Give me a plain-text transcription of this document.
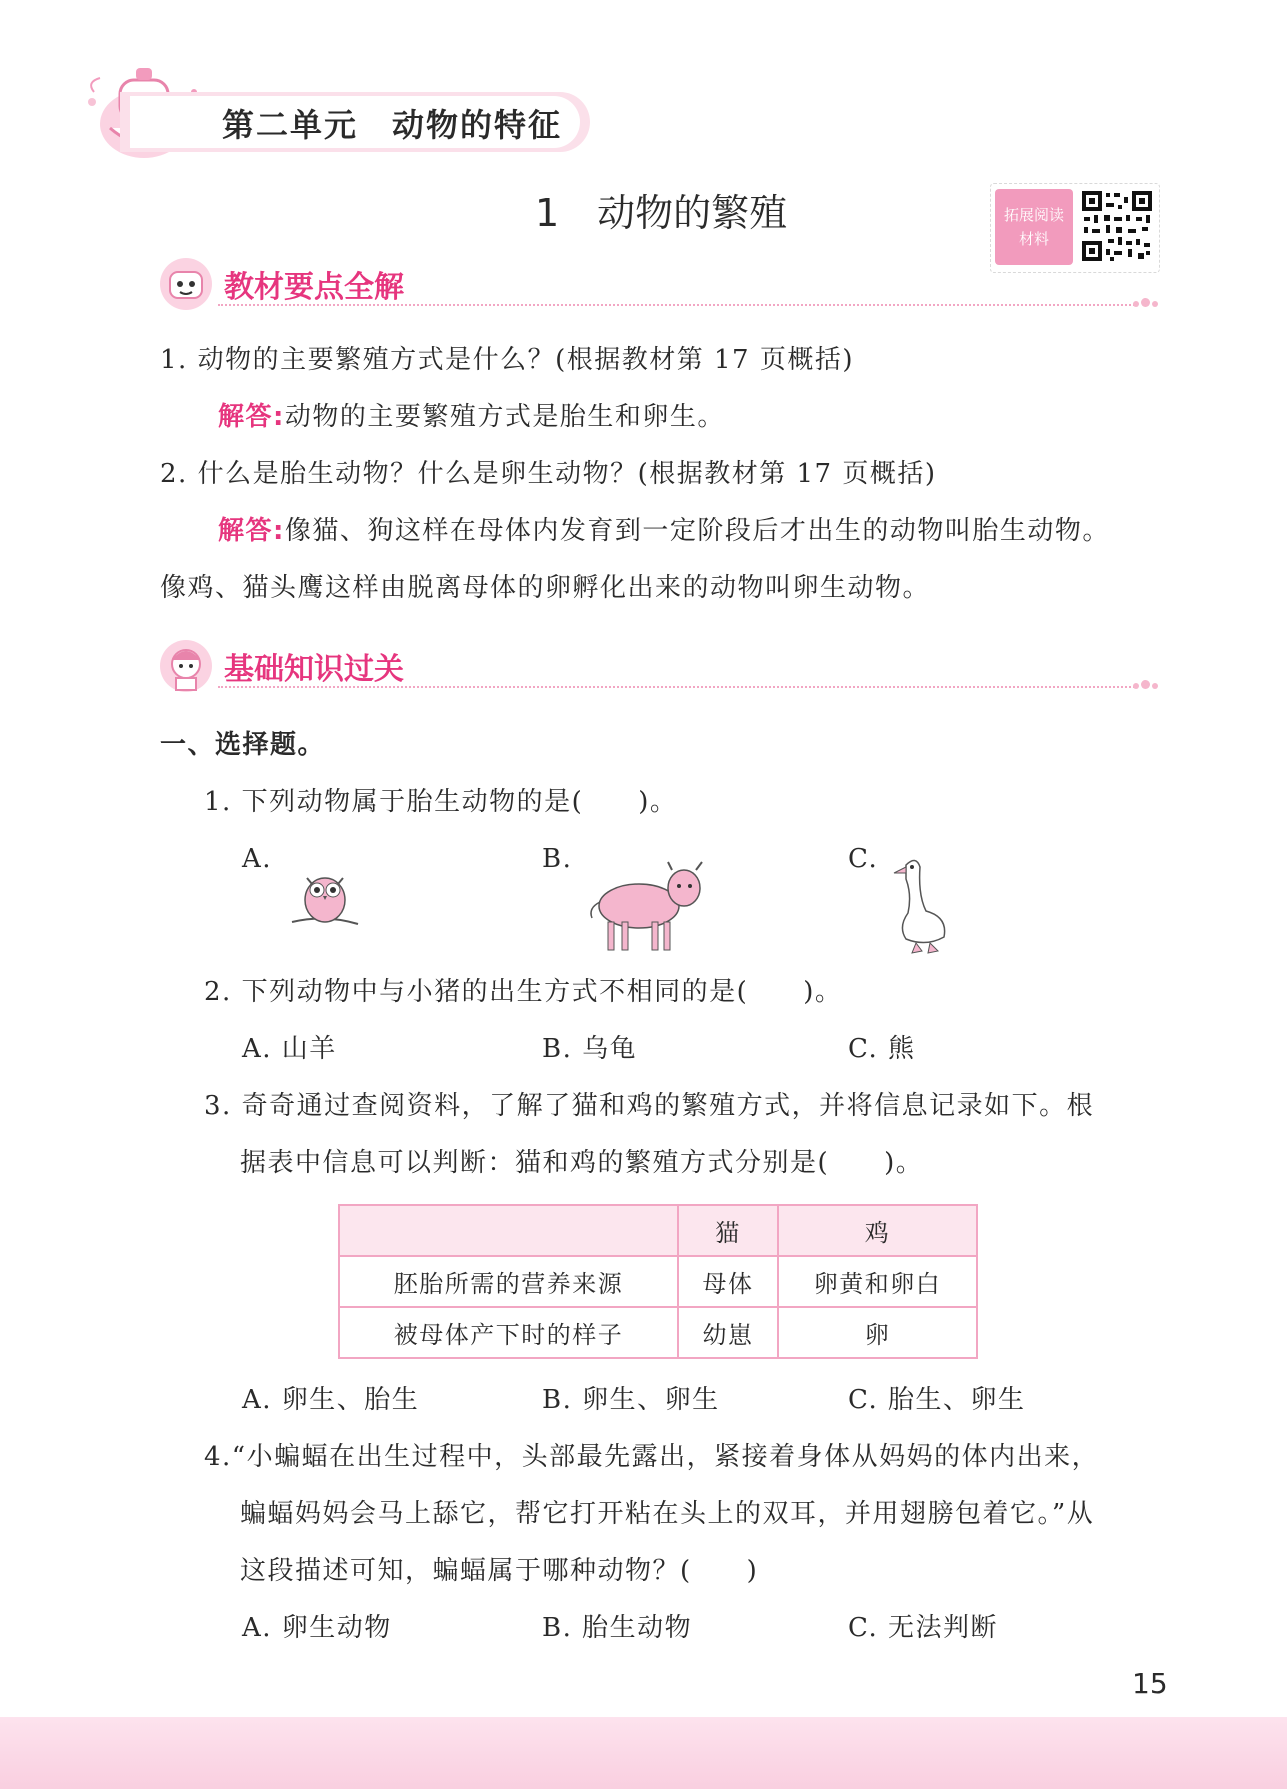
第二单元　动物的特征
1　动物的繁殖	拓展阅读
材料
教材要点全解
1. 动物的主要繁殖方式是什么？(根据教材第 17 页概括)
解答:动物的主要繁殖方式是胎生和卵生。
2. 什么是胎生动物？什么是卵生动物？(根据教材第 17 页概括)
解答:像猫、狗这样在母体内发育到一定阶段后才出生的动物叫胎生动物。
像鸡、猫头鹰这样由脱离母体的卵孵化出来的动物叫卵生动物。
基础知识过关
一、选择题。
1. 下列动物属于胎生动物的是(　　)。
A.	B.	C.
2. 下列动物中与小猪的出生方式不相同的是(　　)。
A. 山羊	B. 乌龟	C. 熊
3. 奇奇通过查阅资料，了解了猫和鸡的繁殖方式，并将信息记录如下。根
据表中信息可以判断：猫和鸡的繁殖方式分别是(　　)。
	猫	鸡
胚胎所需的营养来源	母体	卵黄和卵白
被母体产下时的样子	幼崽	卵
A. 卵生、胎生	B. 卵生、卵生	C. 胎生、卵生
4.“小蝙蝠在出生过程中，头部最先露出，紧接着身体从妈妈的体内出来，
蝙蝠妈妈会马上舔它，帮它打开粘在头上的双耳，并用翅膀包着它。”从
这段描述可知，蝙蝠属于哪种动物？(　　)
A. 卵生动物	B. 胎生动物	C. 无法判断
15
